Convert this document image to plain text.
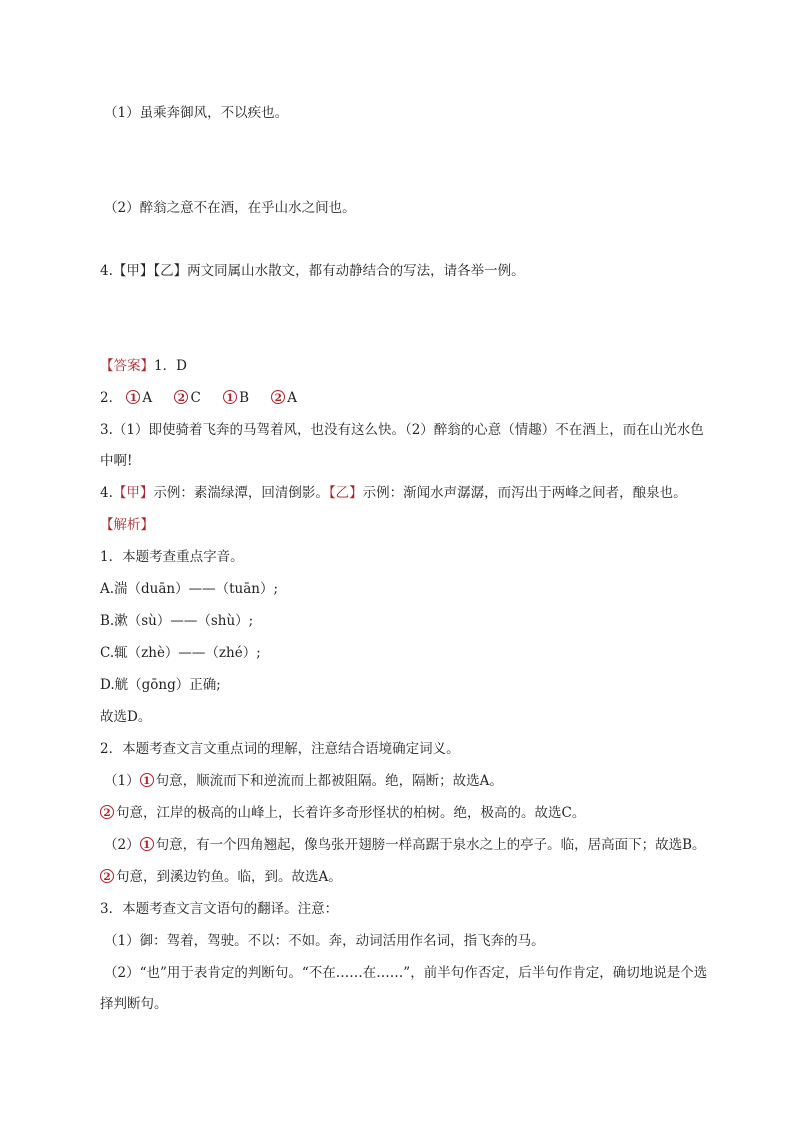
（1）虽乘奔御风，不以疾也。
（2）醉翁之意不在酒，在乎山水之间也。
4.【甲】【乙】两文同属山水散文，都有动静结合的写法，请各举一例。
【答案】1．D
2． 1 A 2 C 1 B 2 A
3.（1）即使骑着飞奔的马驾着风，也没有这么快。（2）醉翁的心意（情趣）不在酒上，而在山光水色
中啊!
4.【甲】示例：素湍绿潭，回清倒影。【乙】示例：渐闻水声潺潺，而泻出于两峰之间者，酿泉也。
【解析】
1．本题考查重点字音。
A.湍（duān）——（tuān）;
B.漱（sù）——（shù）;
C.辄（zhè）——（zhé）;
D.觥（gōng）正确;
故选D。
2．本题考查文言文重点词的理解，注意结合语境确定词义。
（1） 1 句意，顺流而下和逆流而上都被阻隔。绝，隔断；故选A。
2 句意，江岸的极高的山峰上，长着许多奇形怪状的柏树。绝，极高的。故选C。
（2） 1 句意，有一个四角翘起，像鸟张开翅膀一样高踞于泉水之上的亭子。临，居高面下；故选B。
2 句意，到溪边钓鱼。临，到。故选A。
3．本题考查文言文语句的翻译。注意：
（1）御：驾着，驾驶。不以：不如。奔，动词活用作名词，指飞奔的马。
（2）“也”用于表肯定的判断句。“不在……在……”，前半句作否定，后半句作肯定，确切地说是个选
择判断句。
